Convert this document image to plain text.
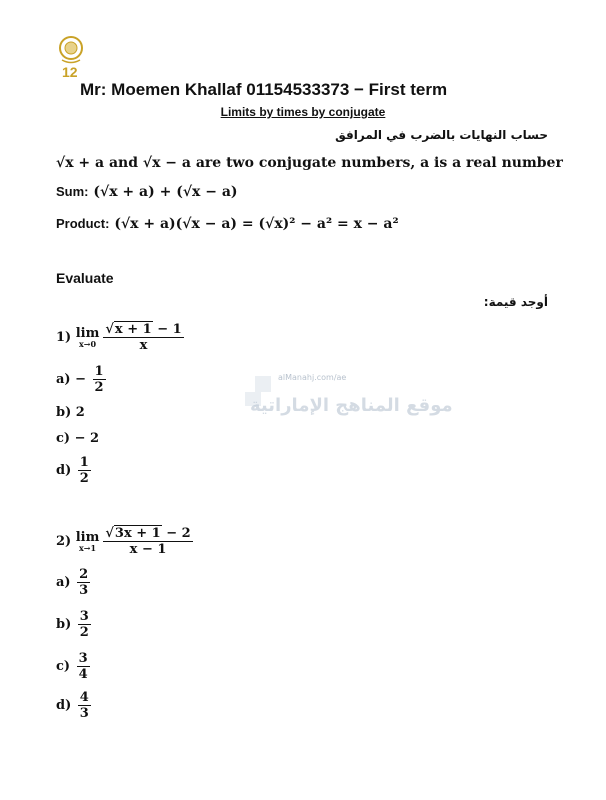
12
Mr: Moemen Khallaf 01154533373 − First term
Limits by times by conjugate
حساب النهايات بالضرب في المرافق
√x + a and √x − a are two conjugate numbers, a is a real number
Sum: (√x + a) + (√x − a)
Product: (√x + a)(√x − a) = (√x)² − a² = x − a²
Evaluate
أوجد قيمة:
alManahj.com/ae
موقع المناهج الإماراتية
1) lim
$x\to 0 \frac{√x + 1 - 1}{x}$
$a) - \frac{1}{2}$
b) 2
c) − 2
$d) \frac{1}{2}$
2) lim
$x\to 1 \frac{√3x + 1 - 2}{x - 1}$
$a) \frac{2}{3}$
$b) \frac{3}{2}$
$c) \frac{3}{4}$
$d) \frac{4}{3}$
